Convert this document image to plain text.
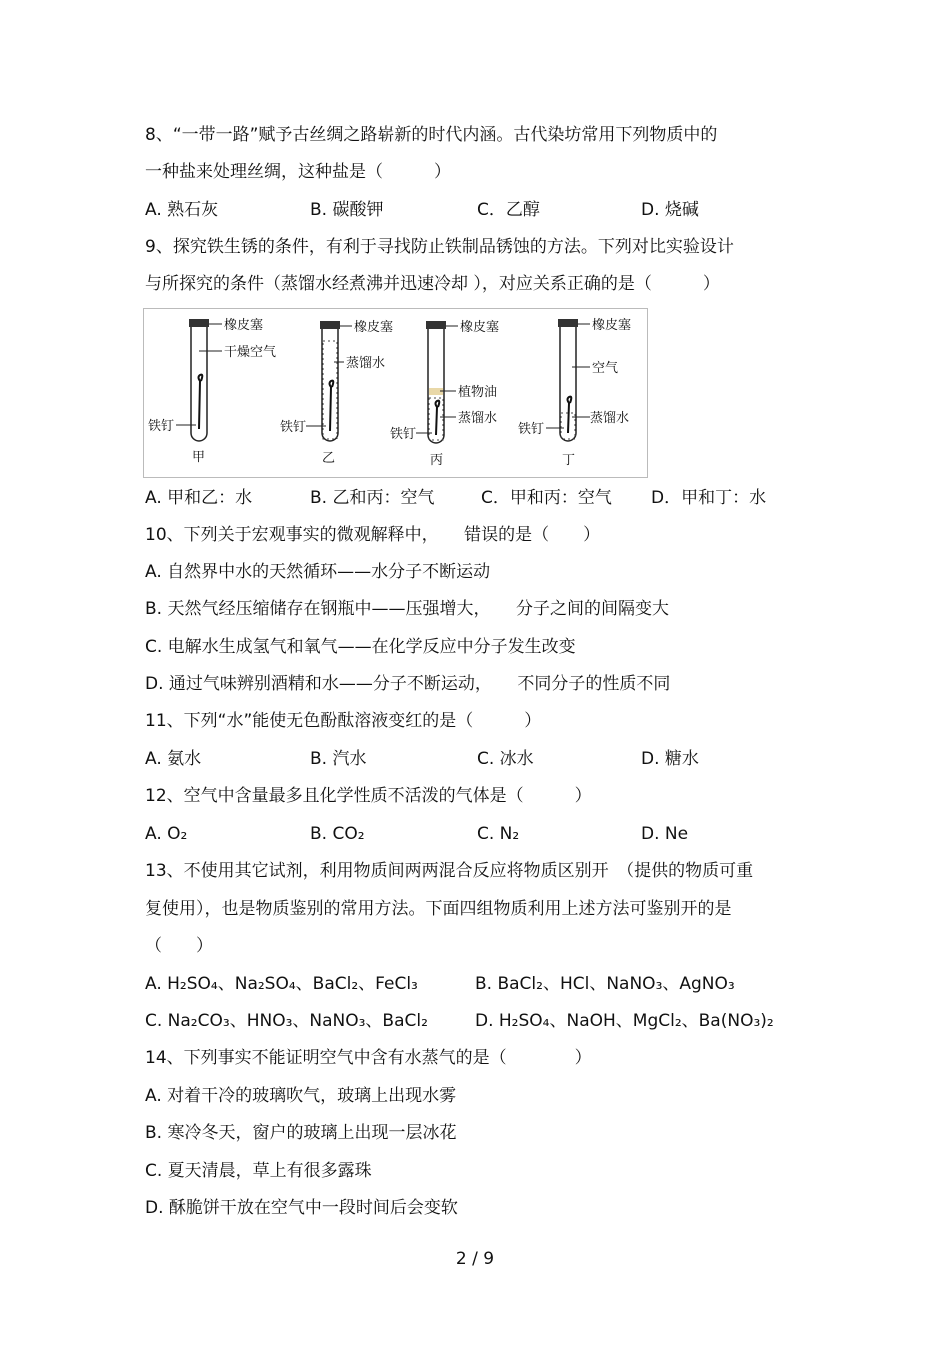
8、“一带一路”赋予古丝绸之路崭新的时代内涵。古代染坊常用下列物质中的
一种盐来处理丝绸，这种盐是（　　　）
A. 熟石灰	B. 碳酸钾	C．乙醇	D. 烧碱
9、探究铁生锈的条件，有利于寻找防止铁制品锈蚀的方法。下列对比实验设计
与所探究的条件（蒸馏水经煮沸并迅速冷却 ），对应关系正确的是（　　　）
橡皮塞
干燥空气
铁钉
甲
橡皮塞
蒸馏水
铁钉
乙
橡皮塞
植物油
蒸馏水
铁钉
丙
橡皮塞
空气
蒸馏水
铁钉
丁
A. 甲和乙：水	B. 乙和丙：空气	C．甲和丙：空气 D．甲和丁：水
10、下列关于宏观事实的微观解释中，　　错误的是（　　）
A. 自然界中水的天然循环——水分子不断运动
B. 天然气经压缩储存在钢瓶中——压强增大，　　分子之间的间隔变大
C. 电解水生成氢气和氧气——在化学反应中分子发生改变
D. 通过气味辨别酒精和水——分子不断运动，　　不同分子的性质不同
11、下列“水”能使无色酚酞溶液变红的是（　　　）
A. 氨水	B. 汽水	C. 冰水	D. 糖水
12、空气中含量最多且化学性质不活泼的气体是（　　　）
A. O₂	B. CO₂	C. N₂	D. Ne
13、不使用其它试剂，利用物质间两两混合反应将物质区别开　（提供的物质可重
复使用），也是物质鉴别的常用方法。下面四组物质利用上述方法可鉴别开的是
（　　）
A. H₂SO₄、Na₂SO₄、BaCl₂、FeCl₃	B. BaCl₂、HCl、NaNO₃、AgNO₃
C. Na₂CO₃、HNO₃、NaNO₃、BaCl₂	D. H₂SO₄、NaOH、MgCl₂、Ba(NO₃)₂
14、下列事实不能证明空气中含有水蒸气的是（　　　　）
A. 对着干冷的玻璃吹气，玻璃上出现水雾
B. 寒冷冬天，窗户的玻璃上出现一层冰花
C. 夏天清晨，草上有很多露珠
D. 酥脆饼干放在空气中一段时间后会变软
2 / 9
